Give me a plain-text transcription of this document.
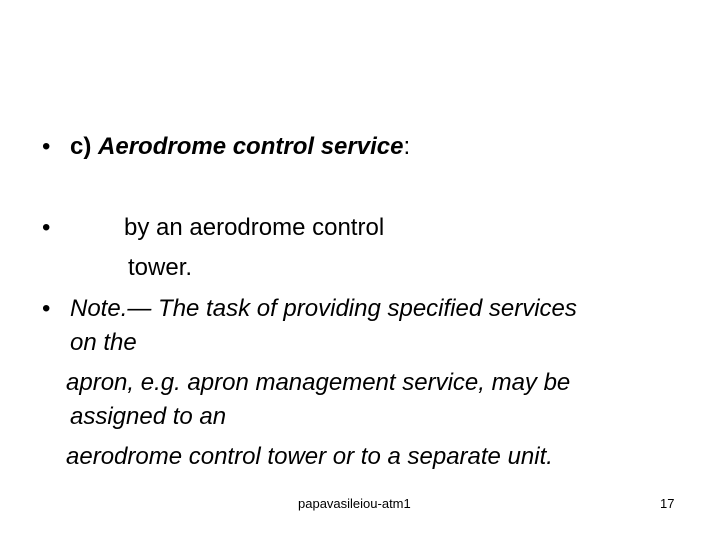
• c) Aerodrome control service:
•	by an aerodrome control
tower.
• Note.— The task of providing specified services
on the
apron, e.g. apron management service, may be
assigned to an
aerodrome control tower or to a separate unit.
papavasileiou-atm1	17
